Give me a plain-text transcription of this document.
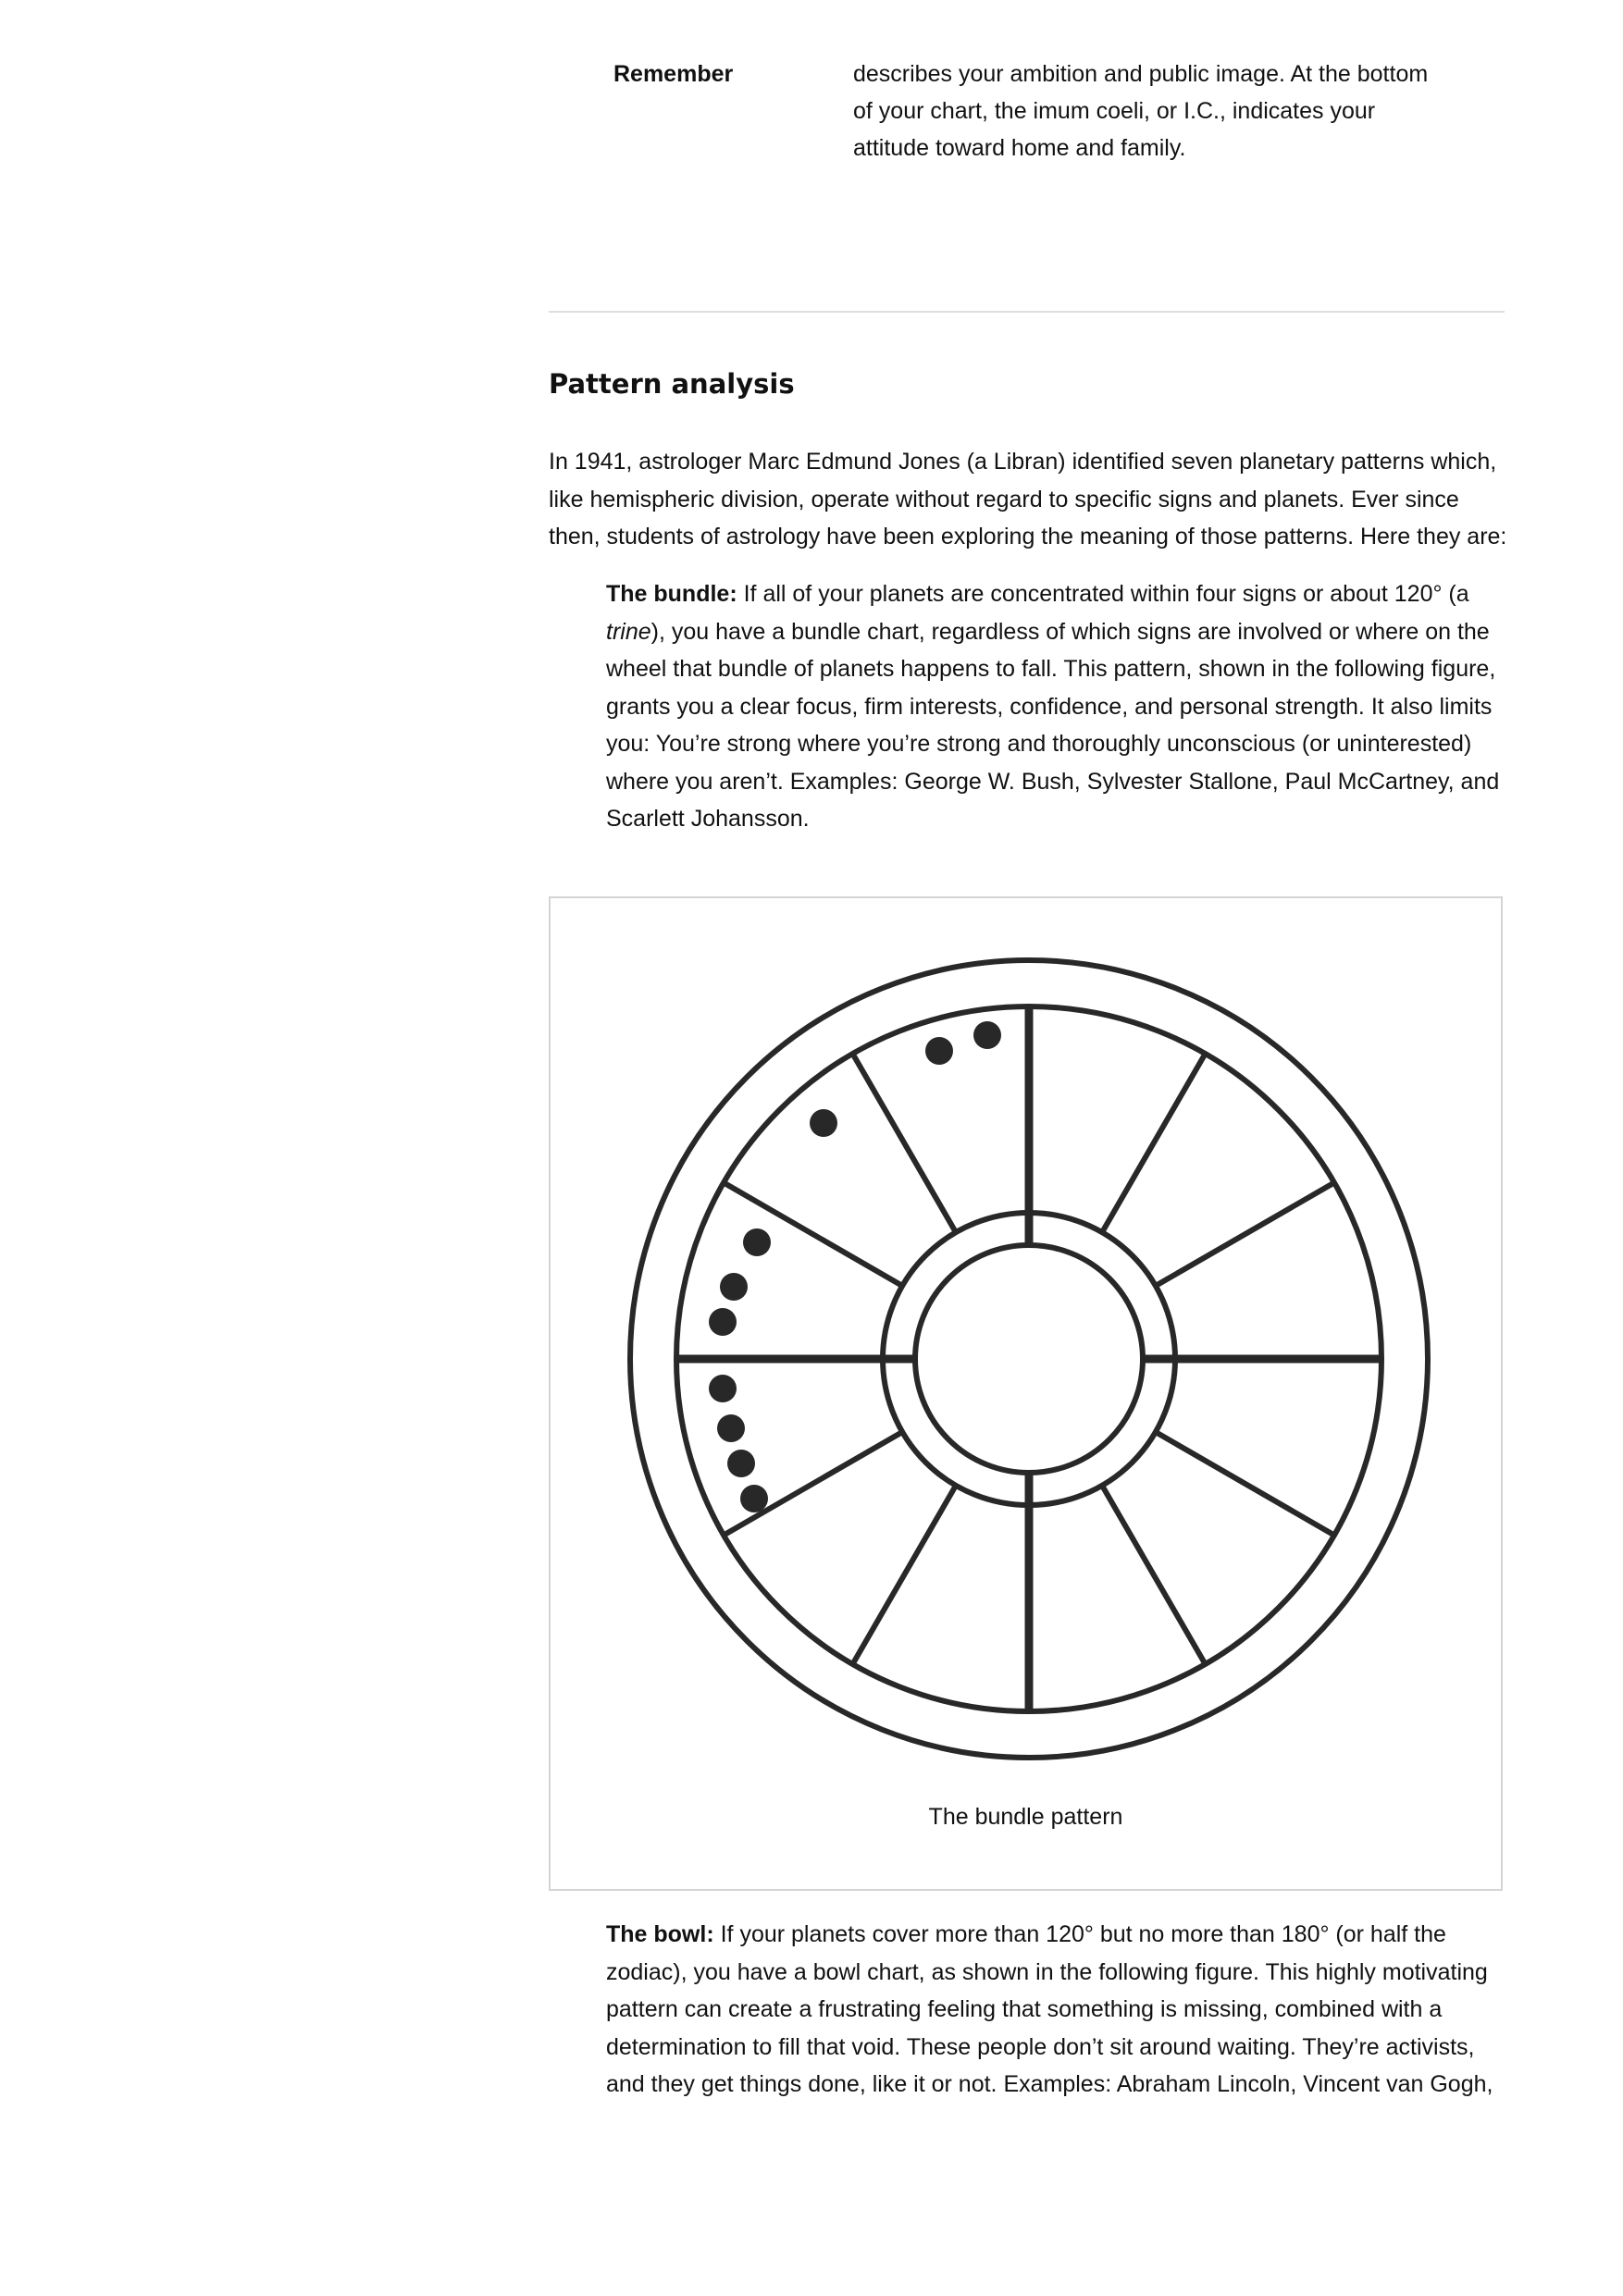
Remember	describes your ambition and public image. At the bottom of your chart, the imum coeli, or I.C., indicates your attitude toward home and family.
Pattern analysis

In 1941, astrologer Marc Edmund Jones (a Libran) identified seven planetary patterns which, like hemispheric division, operate without regard to specific signs and planets. Ever since then, students of astrology have been exploring the meaning of those patterns. Here they are:

The bundle: If all of your planets are concentrated within four signs or about 120° (a trine), you have a bundle chart, regardless of which signs are involved or where on the wheel that bundle of planets happens to fall. This pattern, shown in the following figure, grants you a clear focus, firm interests, confidence, and personal strength. It also limits you: You’re strong where you’re strong and thoroughly unconscious (or uninterested) where you aren’t. Examples: George W. Bush, Sylvester Stallone, Paul McCartney, and Scarlett Johansson.

The bundle pattern

The bowl: If your planets cover more than 120° but no more than 180° (or half the zodiac), you have a bowl chart, as shown in the following figure. This highly motivating pattern can create a frustrating feeling that something is missing, combined with a determination to fill that void. These people don’t sit around waiting. They’re activists, and they get things done, like it or not. Examples: Abraham Lincoln, Vincent van Gogh,
